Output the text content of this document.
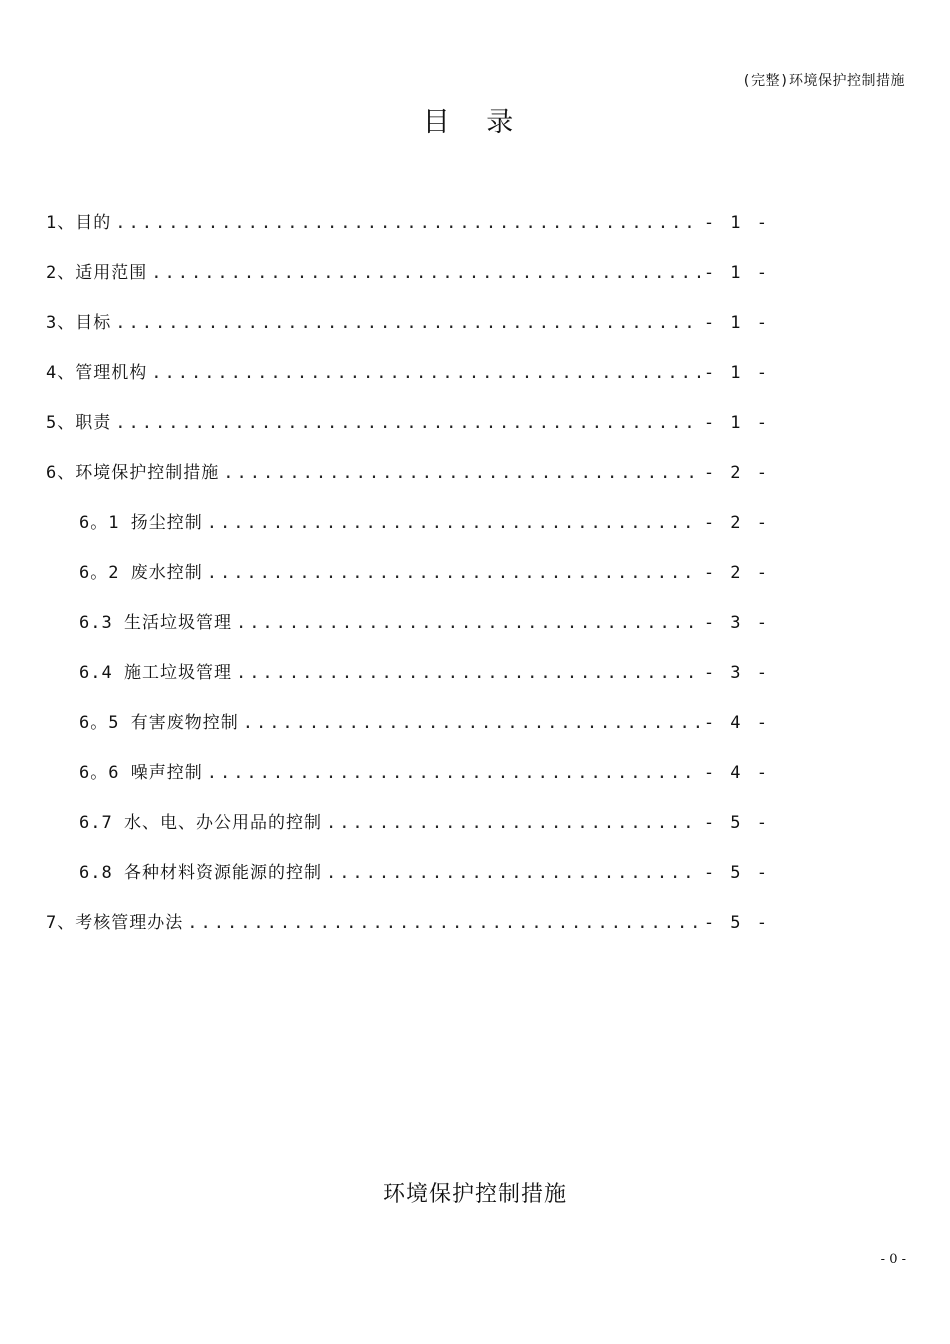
(完整)环境保护控制措施
目 录
1、目的 .....	- 1 -
2、适用范围 .....	- 1 -
3、目标 .....	- 1 -
4、管理机构 .....	- 1 -
5、职责 .....	- 1 -
6、环境保护控制措施 .....	- 2 -
6。1 扬尘控制 .....	- 2 -
6。2 废水控制 .....	- 2 -
6.3 生活垃圾管理 .....	- 3 -
6.4 施工垃圾管理 .....	- 3 -
6。5 有害废物控制 .....	- 4 -
6。6 噪声控制 .....	- 4 -
6.7 水、电、办公用品的控制 .....	- 5 -
6.8 各种材料资源能源的控制 .....	- 5 -
7、考核管理办法 .....	- 5 -
环境保护控制措施
- 0 -
